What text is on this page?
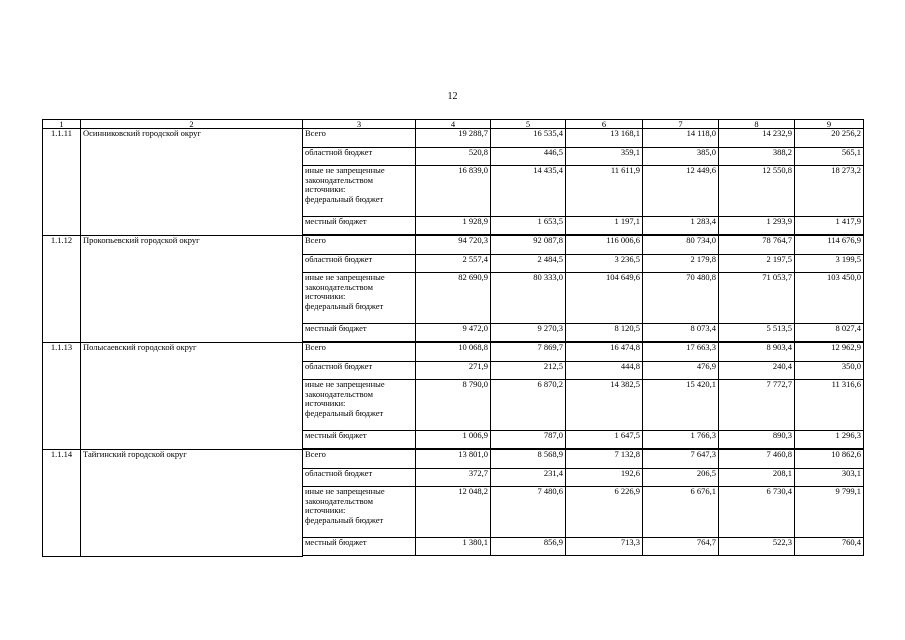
12
1	2	3	4	5	6	7	8	9
1.1.11	Осинниковский городской округ	Всего	19 288,7	16 535,4	13 168,1	14 118,0	14 232,9	20 256,2
		областной бюджет	520,8	446,5	359,1	385,0	388,2	565,1

		иные не запрещенные
законодательством
источники:
федеральный бюджет	16 839,0	14 435,4	11 611,9	12 449,6	12 550,8	18 273,2
		местный бюджет	1 928,9	1 653,5	1 197,1	1 283,4	1 293,9	1 417,9

1.1.12	Прокопьевский городской округ	Всего	94 720,3	92 087,8	116 006,6	80 734,0	78 764,7	114 676,9
		областной бюджет	2 557,4	2 484,5	3 236,5	2 179,8	2 197,5	3 199,5

		иные не запрещенные
законодательством
источники:
федеральный бюджет	82 690,9	80 333,0	104 649,6	70 480,8	71 053,7	103 450,0
		местный бюджет	9 472,0	9 270,3	8 120,5	8 073,4	5 513,5	8 027,4

1.1.13	Полысаевский городской округ	Всего	10 068,8	7 869,7	16 474,8	17 663,3	8 903,4	12 962,9
		областной бюджет	271,9	212,5	444,8	476,9	240,4	350,0

		иные не запрещенные
законодательством
источники:
федеральный бюджет	8 790,0	6 870,2	14 382,5	15 420,1	7 772,7	11 316,6
		местный бюджет	1 006,9	787,0	1 647,5	1 766,3	890,3	1 296,3

1.1.14	Тайгинский городской округ	Всего	13 801,0	8 568,9	7 132,8	7 647,3	7 460,8	10 862,6
		областной бюджет	372,7	231,4	192,6	206,5	208,1	303,1

		иные не запрещенные
законодательством
источники:
федеральный бюджет	12 048,2	7 480,6	6 226,9	6 676,1	6 730,4	9 799,1
		местный бюджет	1 380,1	856,9	713,3	764,7	522,3	760,4
